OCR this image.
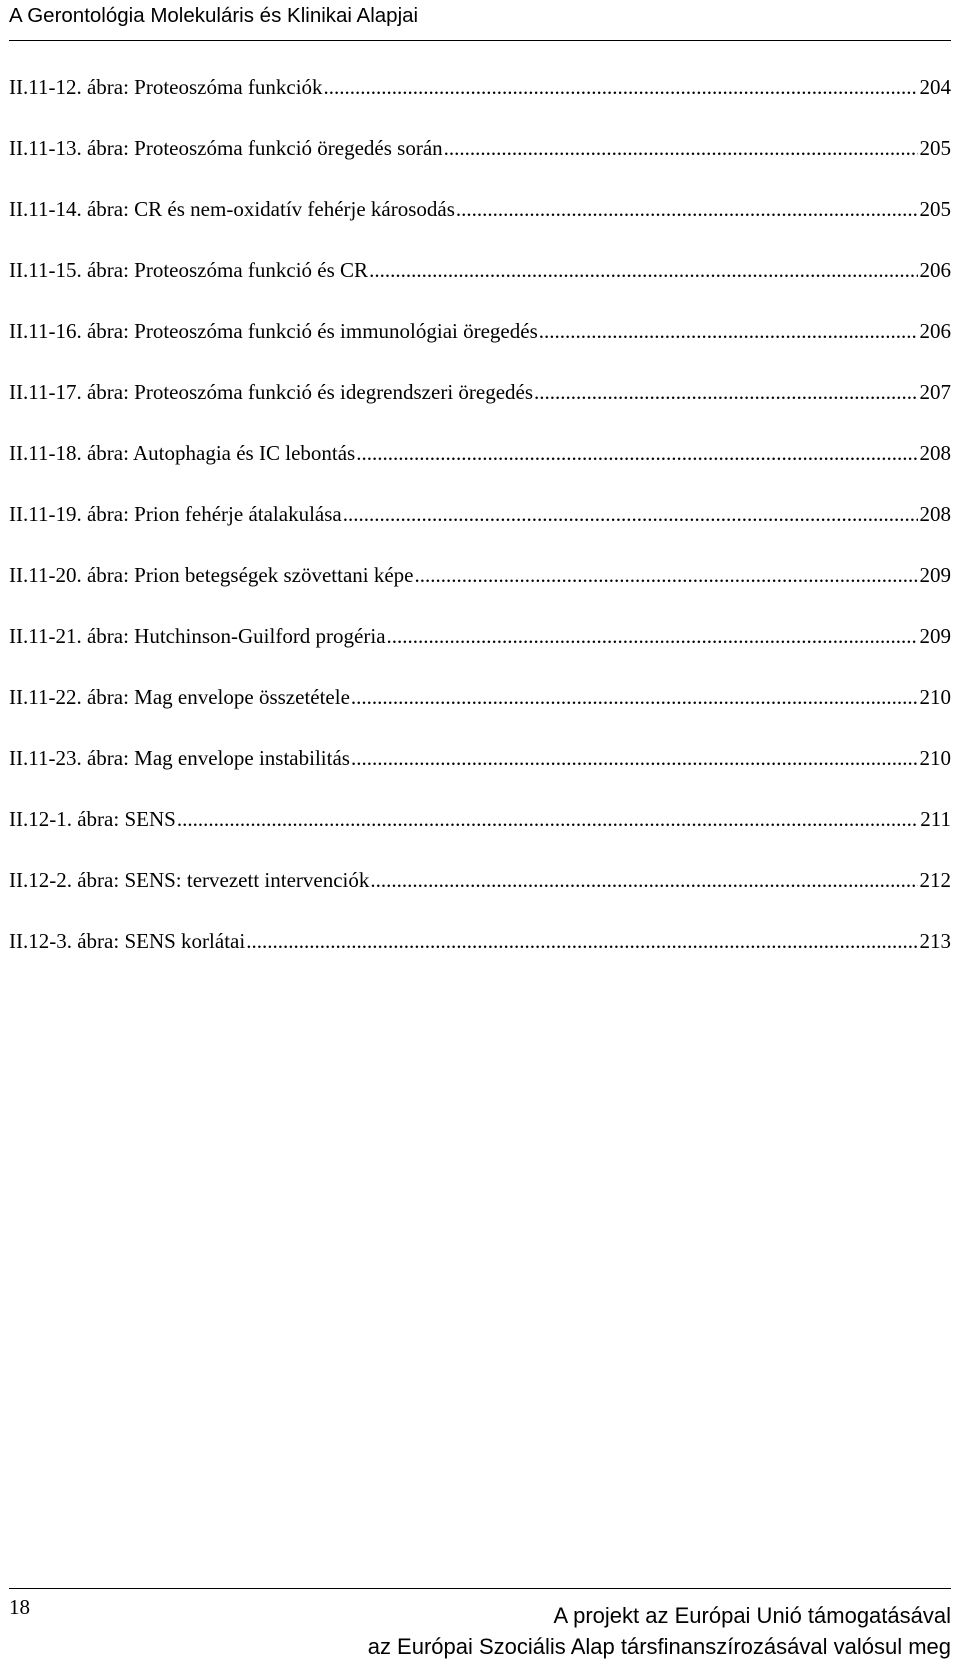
A Gerontológia Molekuláris és Klinikai Alapjai
II.11-12. ábra: Proteoszóma funkciók .....	204
II.11-13. ábra: Proteoszóma funkció öregedés során .....	205
II.11-14. ábra: CR és nem-oxidatív fehérje károsodás .....	205
II.11-15. ábra: Proteoszóma funkció és CR .....	206
II.11-16. ábra: Proteoszóma funkció és immunológiai öregedés .....	206
II.11-17. ábra: Proteoszóma funkció és idegrendszeri öregedés .....	207
II.11-18. ábra: Autophagia és IC lebontás .....	208
II.11-19. ábra: Prion fehérje átalakulása .....	208
II.11-20. ábra: Prion betegségek szövettani képe .....	209
II.11-21. ábra: Hutchinson-Guilford progéria .....	209
II.11-22. ábra: Mag envelope összetétele .....	210
II.11-23. ábra: Mag envelope instabilitás .....	210
II.12-1. ábra: SENS .....	211
II.12-2. ábra: SENS: tervezett intervenciók .....	212
II.12-3. ábra: SENS korlátai .....	213
18	A projekt az Európai Unió támogatásával
az Európai Szociális Alap társfinanszírozásával valósul meg
